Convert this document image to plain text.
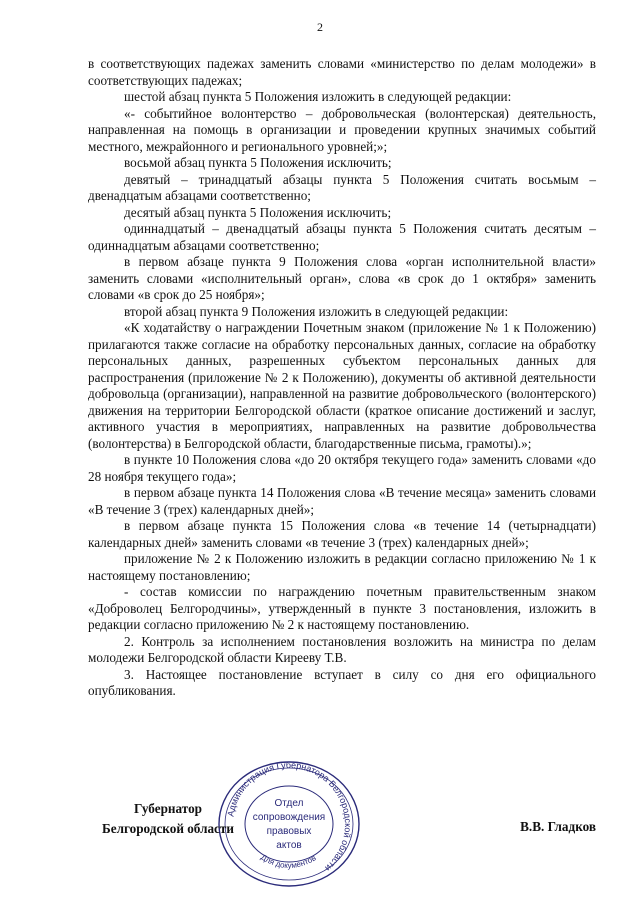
2

в соответствующих падежах заменить словами «министерство по делам молодежи» в соответствующих падежах;

шестой абзац пункта 5 Положения изложить в следующей редакции:

«- событийное волонтерство – добровольческая (волонтерская) деятельность, направленная на помощь в организации и проведении крупных значимых событий местного, межрайонного и регионального уровней;»;

восьмой абзац пункта 5 Положения исключить;

девятый – тринадцатый абзацы пункта 5 Положения считать восьмым – двенадцатым абзацами соответственно;

десятый абзац пункта 5 Положения исключить;

одиннадцатый – двенадцатый абзацы пункта 5 Положения считать десятым – одиннадцатым абзацами соответственно;

в первом абзаце пункта 9 Положения слова «орган исполнительной власти» заменить словами «исполнительный орган», слова «в срок до 1 октября» заменить словами «в срок до 25 ноября»;

второй абзац пункта 9 Положения изложить в следующей редакции:

«К ходатайству о награждении Почетным знаком (приложение № 1 к Положению) прилагаются также согласие на обработку персональных данных, согласие на обработку персональных данных, разрешенных субъектом персональных данных для распространения (приложение № 2 к Положению), документы об активной деятельности добровольца (организации), направленной на развитие добровольческого (волонтерского) движения на территории Белгородской области (краткое описание достижений и заслуг, активного участия в мероприятиях, направленных на развитие добровольчества (волонтерства) в Белгородской области, благодарственные письма, грамоты).»;

в пункте 10 Положения слова «до 20 октября текущего года» заменить словами «до 28 ноября текущего года»;

в первом абзаце пункта 14 Положения слова «В течение месяца» заменить словами «В течение 3 (трех) календарных дней»;

в первом абзаце пункта 15 Положения слова «в течение 14 (четырнадцати) календарных дней» заменить словами «в течение 3 (трех) календарных дней»;

приложение № 2 к Положению изложить в редакции согласно приложению № 1 к настоящему постановлению;

- состав комиссии по награждению почетным правительственным знаком «Доброволец Белгородчины», утвержденный в пункте 3 постановления, изложить в редакции согласно приложению № 2 к настоящему постановлению.

2. Контроль за исполнением постановления возложить на министра по делам молодежи Белгородской области Кирееву Т.В.

3. Настоящее постановление вступает в силу со дня его официального опубликования.

Администрация Губернатора Белгородской области
Отдел
сопровождения
правовых
актов
Для документов
Губернатор
Белгородской области	В.В. Гладков
